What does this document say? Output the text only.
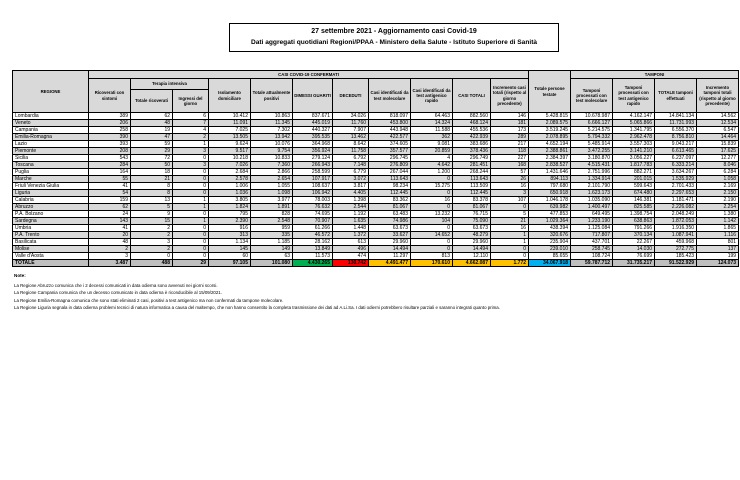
27 settembre 2021 - Aggiornamento casi Covid-19
Dati aggregati quotidiani Regioni/PPAA - Ministero della Salute - Istituto Superiore di Sanità
REGIONE	CASI COVID-19 CONFERMATI											Totale persone testate	TAMPONI			
	Ricoverati con sintomi	Terapia intensiva		Isolamento domiciliare	Totale attualmente positivi	DIMESSI GUARITI	DECEDUTI	Casi identificati da test molecolare	Casi identificati da test antigenico rapido	CASI TOTALI	Incremento casi totali (rispetto al giorno precedente)		Tamponi processati con test molecolare	Tamponi processati con test antigenico rapido	TOTALE tamponi effettuati	Incremento tamponi totali (rispetto al giorno precedente)
		Totale ricoverati	Ingressi del giorno													
Lombardia	389	62	6	10.412	10.863	837.671	34.026	818.097	64.463	882.560	146	5.428.815	10.678.987	4.162.147	14.841.134	14.562
Veneto	206	48	7	11.091	11.345	445.019	11.760	453.800	14.324	468.124	181	2.089.575	6.666.127	5.065.866	11.731.993	12.534
Campania	258	19	4	7.025	7.302	440.327	7.907	443.948	11.588	455.536	173	3.519.245	5.214.575	1.341.795	6.556.370	6.547
Emilia-Romagna	390	47	2	13.505	13.942	395.535	13.462	422.577	362	422.939	289	2.078.895	5.794.332	2.962.478	8.756.810	14.464
Lazio	393	59	1	9.624	10.076	364.968	8.642	374.605	9.081	383.686	217	4.652.194	5.485.914	3.557.303	9.043.217	15.839
Piemonte	208	29	3	9.517	9.754	356.924	11.758	357.577	20.859	378.436	118	2.388.861	3.472.255	3.141.210	6.613.465	17.625
Sicilia	543	72	0	10.218	10.833	279.124	6.792	296.745	4	296.749	227	2.384.397	3.180.870	3.056.227	6.237.097	12.277
Toscana	284	50	3	7.026	7.360	266.943	7.148	276.809	4.642	281.451	168	2.838.527	4.515.431	1.817.783	6.333.214	8.046
Puglia	164	18	0	2.684	2.866	258.599	6.779	267.044	1.200	268.244	57	1.431.646	2.751.996	882.271	3.634.267	6.284
Marche	55	21	0	2.578	2.654	107.917	3.072	113.643	0	113.643	26	894.113	1.334.914	201.015	1.535.929	1.058
Friuli Venezia Giulia	41	8	0	1.006	1.055	108.637	3.817	98.234	15.275	113.509	16	797.680	2.101.790	599.643	2.701.433	2.169
Liguria	54	8	0	1.036	1.098	106.942	4.405	112.445	0	112.445	3	650.918	1.623.173	674.480	2.297.653	2.150
Calabria	159	13	1	3.805	3.977	78.003	1.398	83.362	16	83.378	107	1.046.178	1.035.090	146.381	1.181.471	2.190
Abruzzo	62	5	1	1.824	1.891	76.632	2.544	81.067	0	81.067	0	639.982	1.400.497	825.585	2.226.082	2.254
P.A. Bolzano	24	9	0	795	828	74.695	1.192	63.483	13.232	76.715	5	477.853	649.495	1.398.754	2.048.249	1.380
Sardegna	143	15	1	2.390	2.548	70.907	1.635	74.986	104	75.090	21	1.029.364	1.233.190	638.863	1.872.053	1.142
Umbria	41	2	0	916	959	61.266	1.448	63.673	0	63.673	16	438.394	1.125.084	791.266	1.916.350	1.865
P.A. Trento	20	2	0	313	335	46.572	1.372	33.627	14.652	48.279	1	320.676	717.807	370.134	1.087.941	1.116
Basilicata	48	3	0	1.134	1.185	28.162	613	29.960	0	29.960	1	235.904	437.701	22.267	459.968	801
Molise	2	2	0	145	149	13.849	496	14.494	0	14.494	0	239.010	258.745	14.030	272.775	137
Valle d'Aosta	3	0	0	60	63	11.573	474	11.297	813	12.110	0	85.655	108.724	76.699	185.423	199
TOTALE	3.487	488	29	97.105	101.080	4.430.265	130.742	4.491.477	170.610	4.662.087	1.772	34.067.918	59.787.712	31.735.217	91.522.929	124.073
Note:
La Regione Abruzzo comunica che i 2 decessi comunicati in data odierna sono avvenuti nei giorni scorsi.
La Regione Campania comunica che un decesso comunicato in data odierna è riconducibile al 15/09/2021.
La Regione Emilia-Romagna comunica che sono stati eliminati 2 casi, positivi a test antigenico ma non confermati da tampone molecolare.
La Regione Liguria segnala in data odierna problemi tecnici di natura informatica a causa del maltempo, che non hanno consentito la completa trasmissione dei dati ad A.Li.Sa. I dati odierni potrebbero risultare parziali e saranno integrati quanto prima.
